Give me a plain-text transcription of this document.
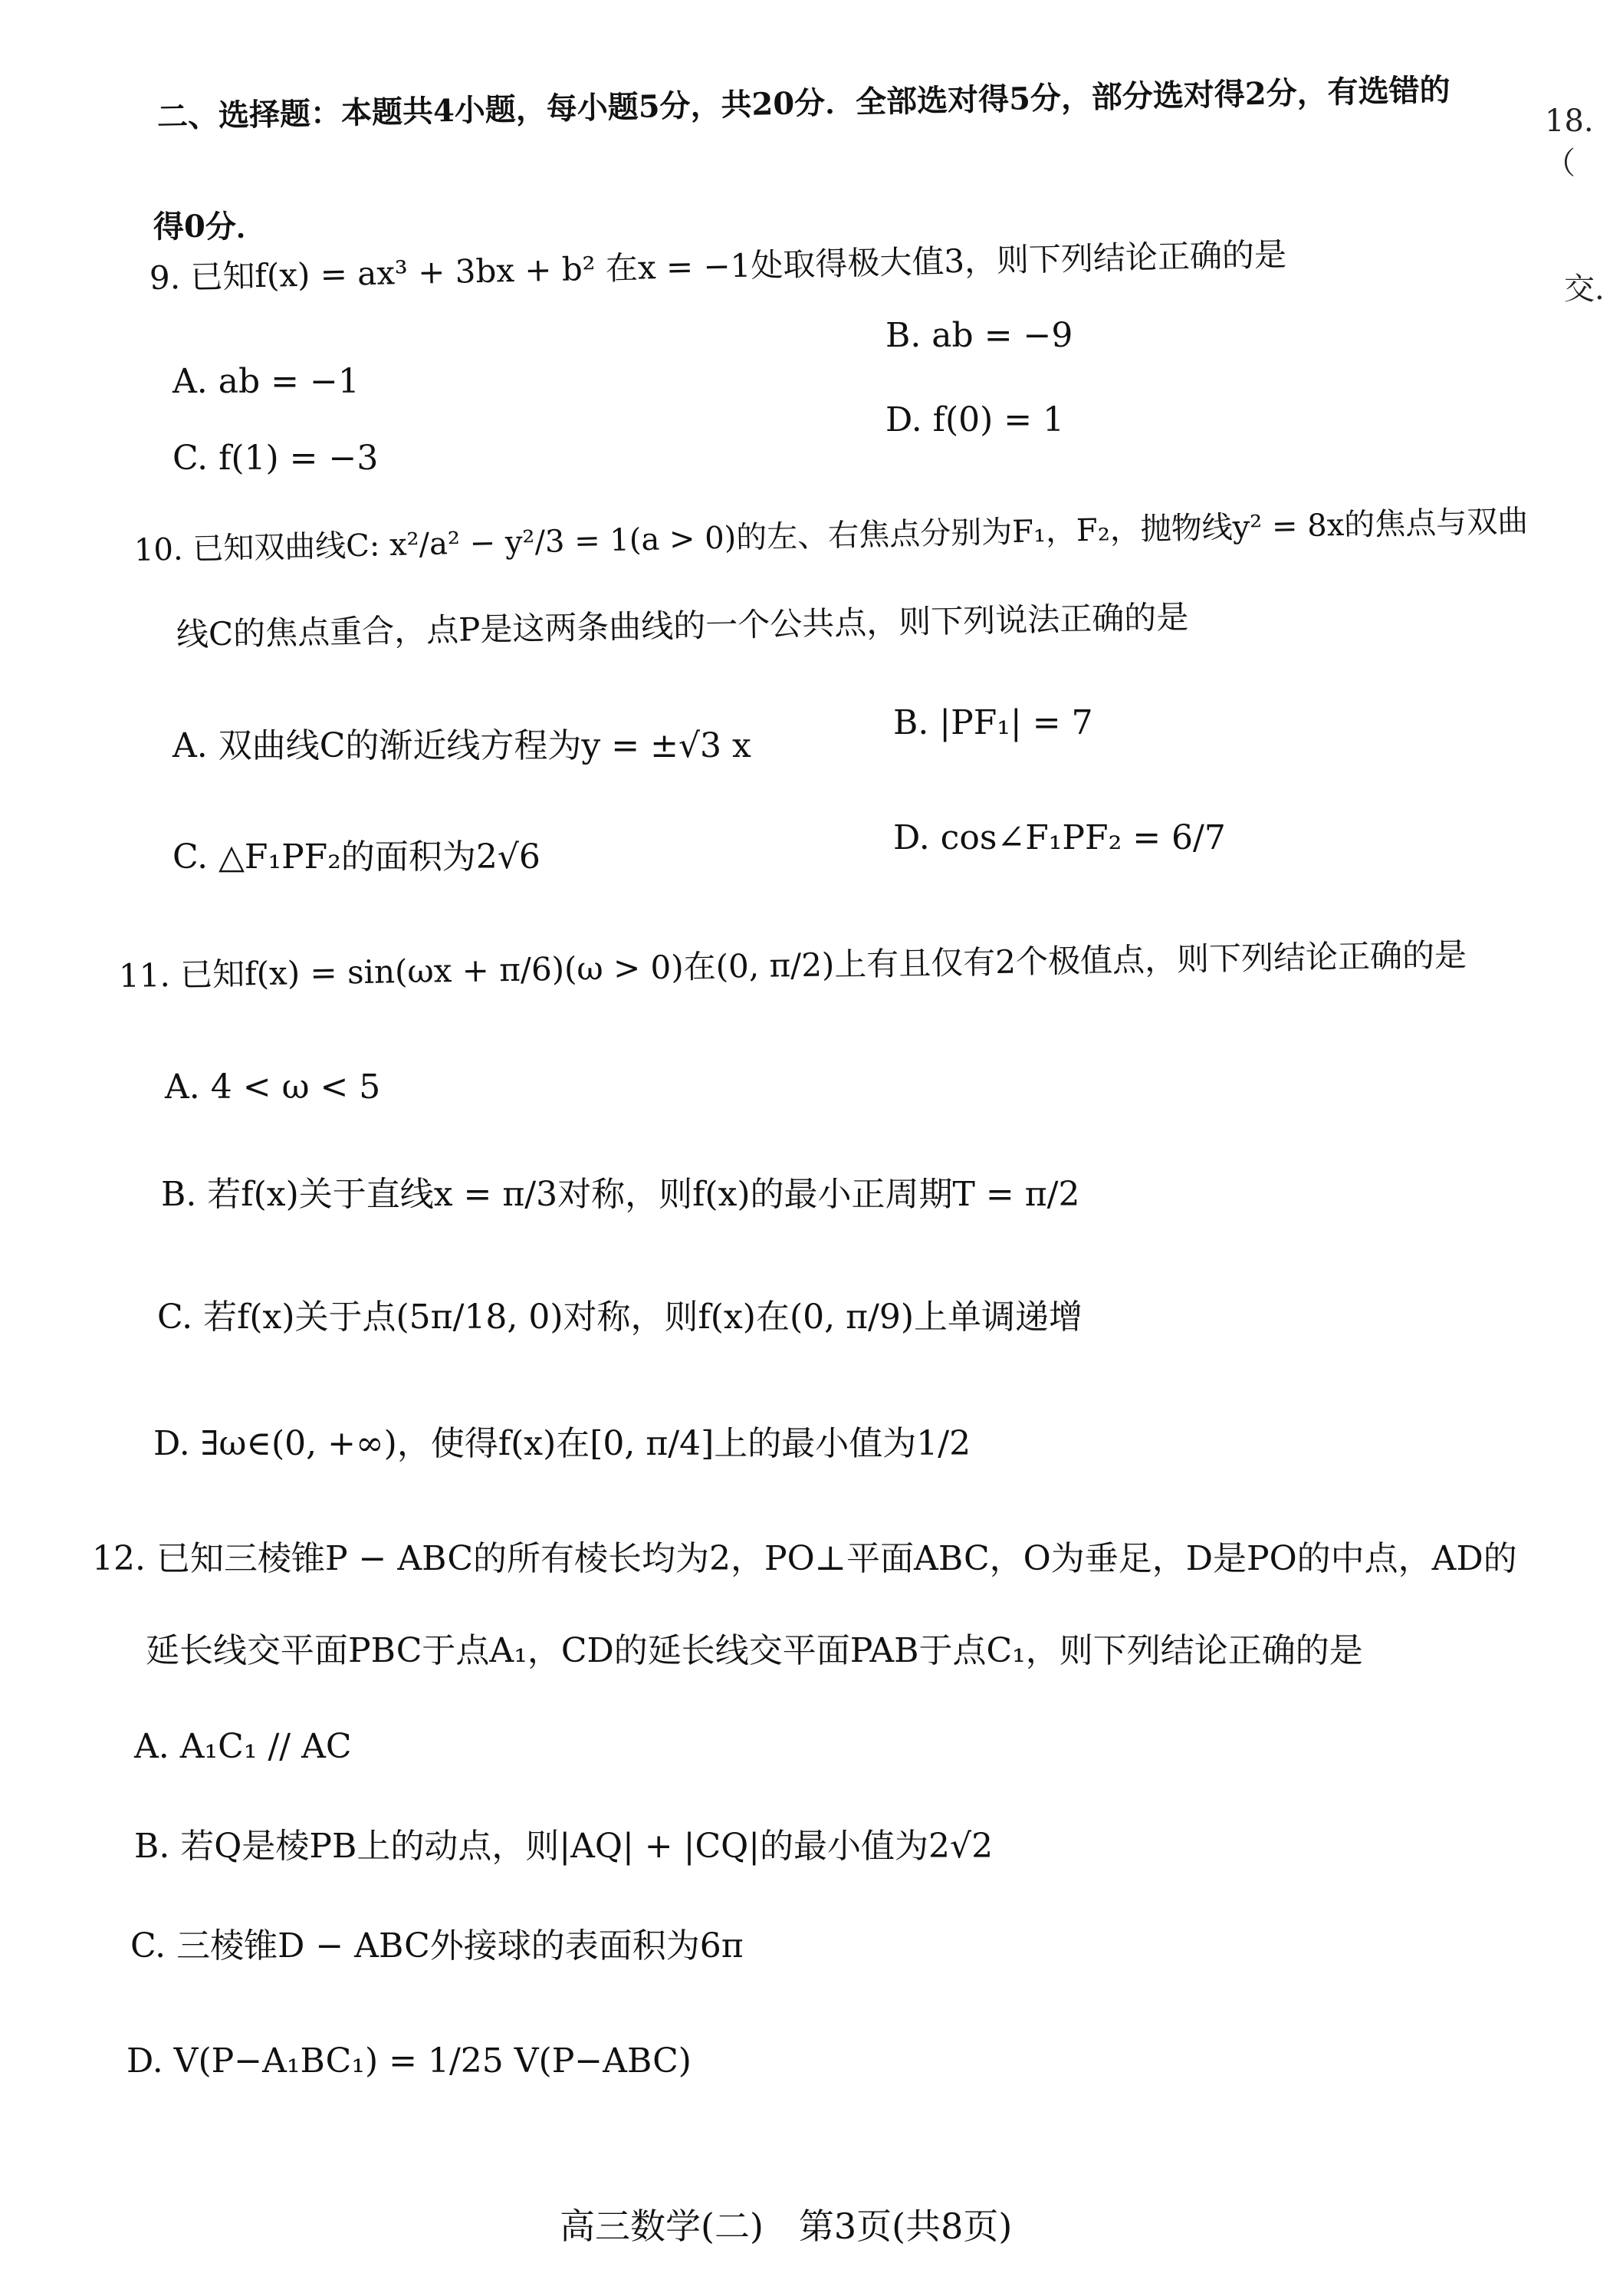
二、选择题：本题共4小题，每小题5分，共20分．全部选对得5分，部分选对得2分，有选错的
得0分．
18.（
交.
9. 已知f(x) = ax³ + 3bx + b² 在x = −1处取得极大值3，则下列结论正确的是
A. ab = −1
B. ab = −9
C. f(1) = −3
D. f(0) = 1
10. 已知双曲线C: x²/a² − y²/3 = 1(a > 0)的左、右焦点分别为F₁，F₂，抛物线y² = 8x的焦点与双曲
线C的焦点重合，点P是这两条曲线的一个公共点，则下列说法正确的是
A. 双曲线C的渐近线方程为y = ±√3 x
B. |PF₁| = 7
C. △F₁PF₂的面积为2√6	D. cos∠F₁PF₂ = 6/7
11. 已知f(x) = sin(ωx + π/6)(ω > 0)在(0, π/2)上有且仅有2个极值点，则下列结论正确的是
A. 4 < ω < 5
B. 若f(x)关于直线x = π/3对称，则f(x)的最小正周期T = π/2
C. 若f(x)关于点(5π/18, 0)对称，则f(x)在(0, π/9)上单调递增
D. ∃ω∈(0, +∞)，使得f(x)在[0, π/4]上的最小值为1/2
12. 已知三棱锥P − ABC的所有棱长均为2，PO⊥平面ABC，O为垂足，D是PO的中点，AD的
延长线交平面PBC于点A₁，CD的延长线交平面PAB于点C₁，则下列结论正确的是
A. A₁C₁ // AC
B. 若Q是棱PB上的动点，则|AQ| + |CQ|的最小值为2√2
C. 三棱锥D − ABC外接球的表面积为6π
D. V(P−A₁BC₁) = 1/25 V(P−ABC)
高三数学(二)　第3页(共8页)
